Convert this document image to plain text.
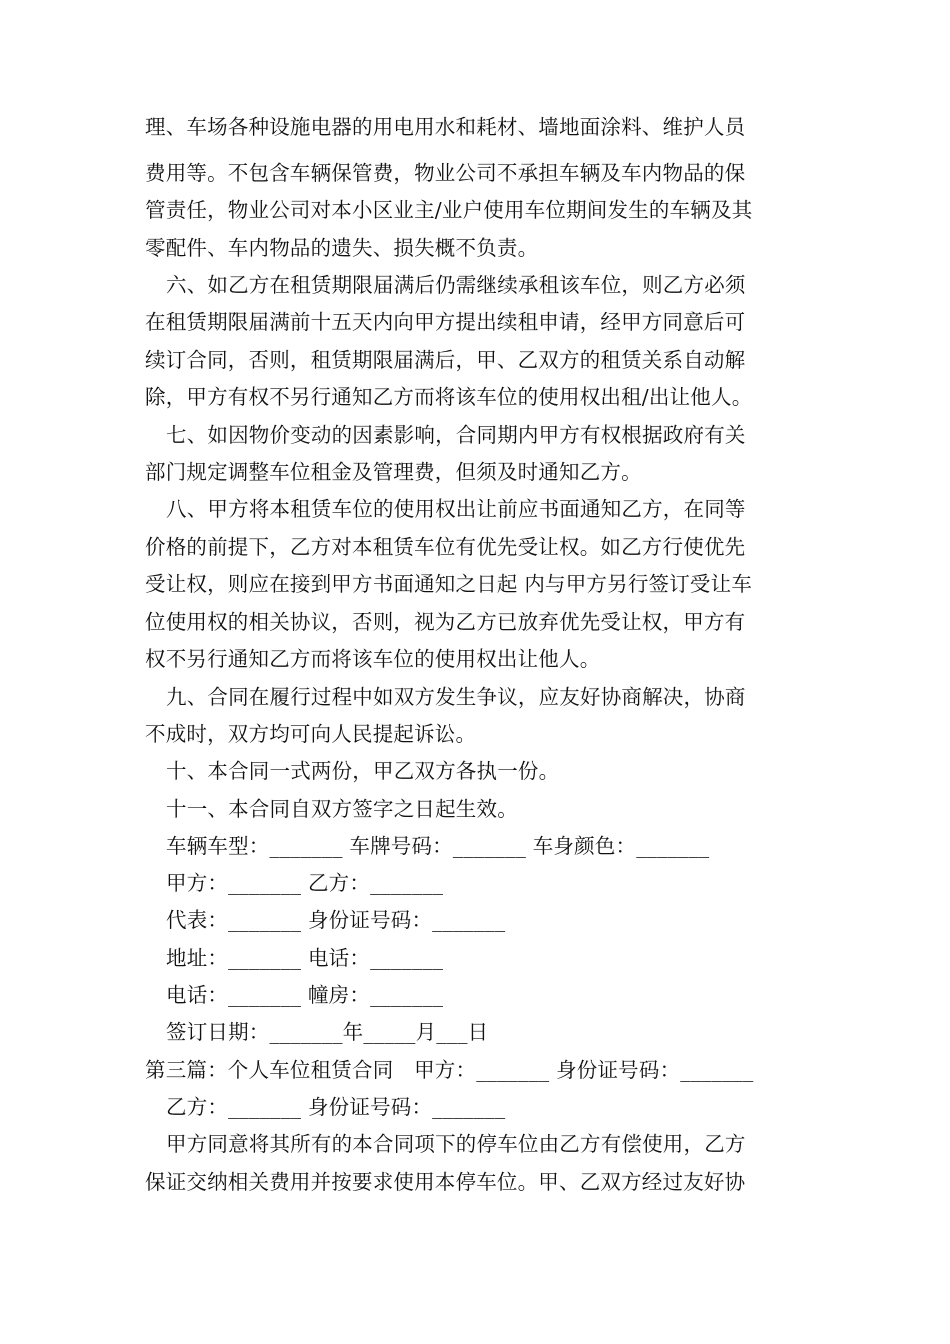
理、车场各种设施电器的用电用水和耗材、墙地面涂料、维护人员
费用等。不包含车辆保管费，物业公司不承担车辆及车内物品的保
管责任，物业公司对本小区业主/业户使用车位期间发生的车辆及其
零配件、车内物品的遗失、损失概不负责。
六、如乙方在租赁期限届满后仍需继续承租该车位，则乙方必须
在租赁期限届满前十五天内向甲方提出续租申请，经甲方同意后可
续订合同，否则，租赁期限届满后，甲、乙双方的租赁关系自动解
除，甲方有权不另行通知乙方而将该车位的使用权出租/出让他人。
七、如因物价变动的因素影响，合同期内甲方有权根据政府有关
部门规定调整车位租金及管理费，但须及时通知乙方。
八、甲方将本租赁车位的使用权出让前应书面通知乙方，在同等
价格的前提下，乙方对本租赁车位有优先受让权。如乙方行使优先
受让权，则应在接到甲方书面通知之日起 内与甲方另行签订受让车
位使用权的相关协议，否则，视为乙方已放弃优先受让权，甲方有
权不另行通知乙方而将该车位的使用权出让他人。
九、合同在履行过程中如双方发生争议，应友好协商解决，协商
不成时，双方均可向人民提起诉讼。
十、本合同一式两份，甲乙双方各执一份。
十一、本合同自双方签字之日起生效。
车辆车型：_______ 车牌号码：_______ 车身颜色：_______
甲方：_______ 乙方：_______
代表：_______ 身份证号码：_______
地址：_______ 电话：_______
电话：_______ 幢房：_______
签订日期：_______年_____月___日
第三篇：个人车位租赁合同　甲方：_______ 身份证号码：_______
乙方：_______ 身份证号码：_______
甲方同意将其所有的本合同项下的停车位由乙方有偿使用，乙方
保证交纳相关费用并按要求使用本停车位。甲、乙双方经过友好协
